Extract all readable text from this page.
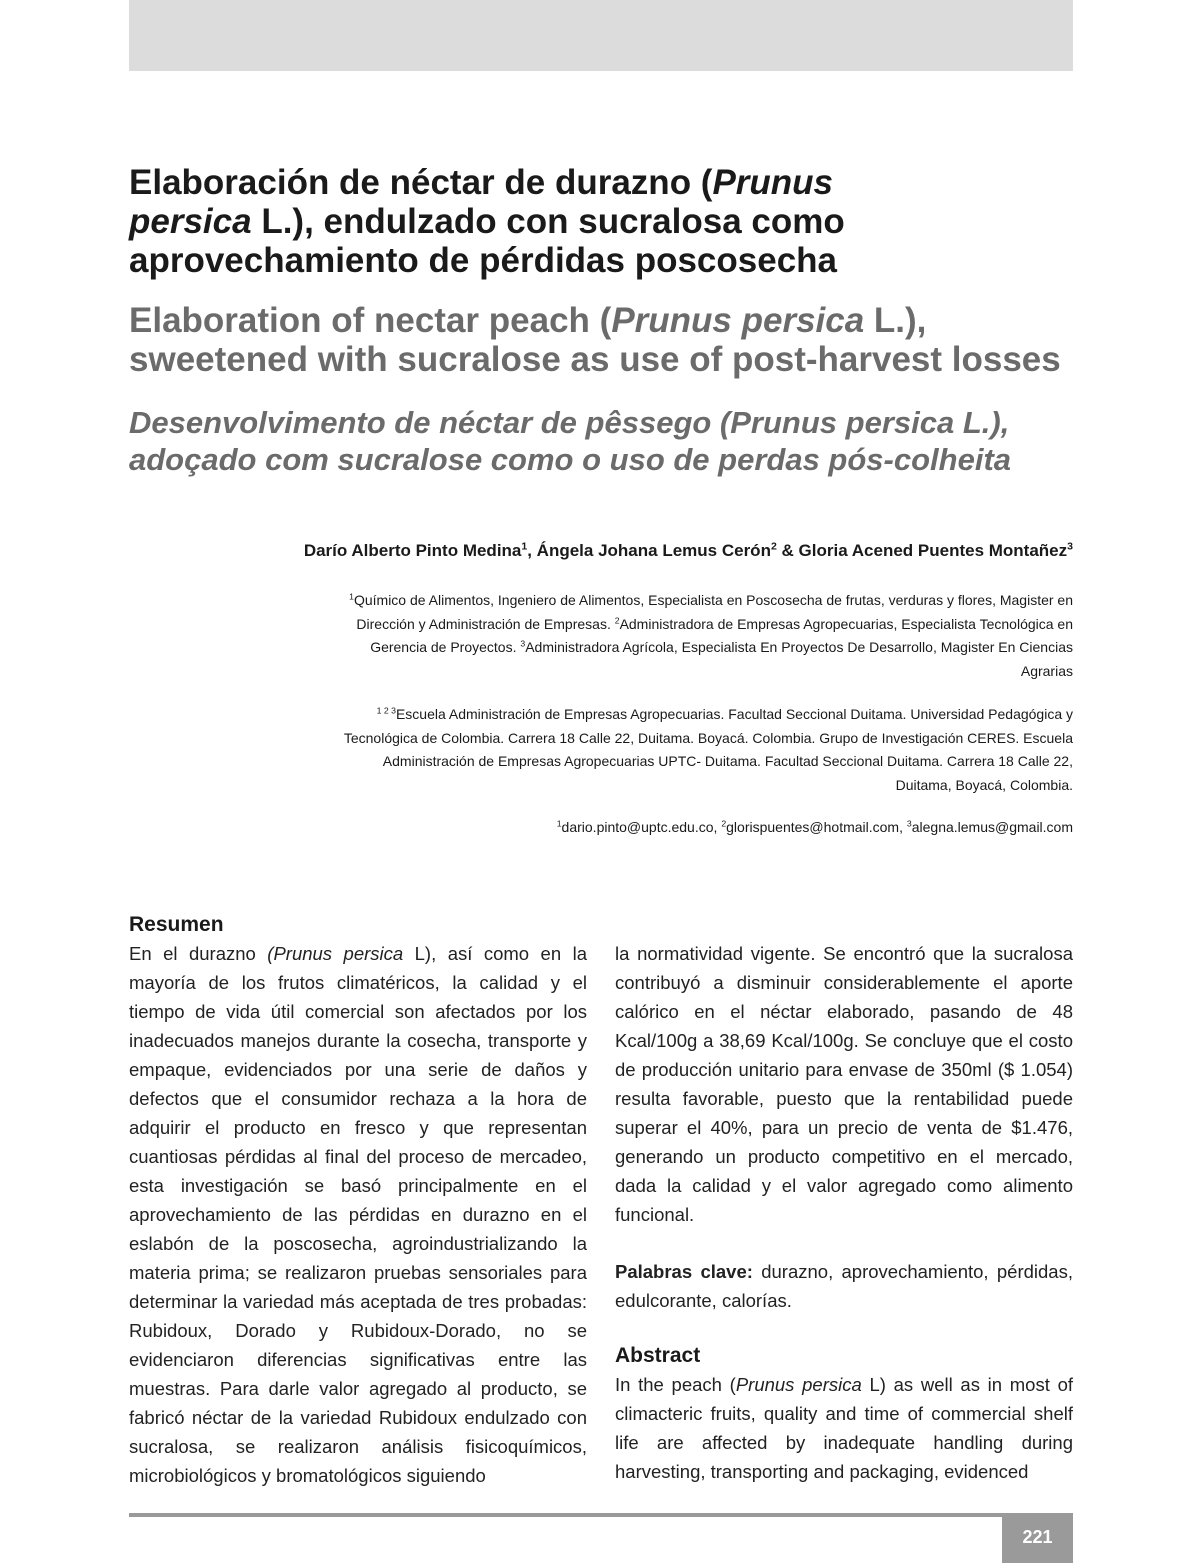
Elaboración de néctar de durazno (Prunus
persica L.), endulzado con sucralosa como aprovechamiento de pérdidas poscosecha
Elaboration of nectar peach (Prunus persica L.), sweetened with sucralose as use of post-harvest losses
Desenvolvimento de néctar de pêssego (Prunus persica L.), adoçado com sucralose como o uso de perdas pós-colheita
Darío Alberto Pinto Medina$^1$, Ángela Johana Lemus Cerón$^2$ & Gloria Acened Puentes Montañez$^3$

$^1$Químico de Alimentos, Ingeniero de Alimentos, Especialista en Poscosecha de frutas, verduras y flores, Magister en Dirección y Administración de Empresas. $^2$Administradora de Empresas Agropecuarias, Especialista Tecnológica en Gerencia de Proyectos. $^3$Administradora Agrícola, Especialista En Proyectos De Desarrollo, Magister En Ciencias Agrarias

$^{1 2 3}$Escuela Administración de Empresas Agropecuarias. Facultad Seccional Duitama. Universidad Pedagógica y Tecnológica de Colombia. Carrera 18 Calle 22, Duitama. Boyacá. Colombia. Grupo de Investigación CERES. Escuela Administración de Empresas Agropecuarias UPTC- Duitama. Facultad Seccional Duitama. Carrera 18 Calle 22, Duitama, Boyacá, Colombia.

$^1$dario.pinto@uptc.edu.co, $^2$glorispuentes@hotmail.com, $^3$alegna.lemus@gmail.com

Resumen

En el durazno (Prunus persica L), así como en la mayoría de los frutos climatéricos, la calidad y el tiempo de vida útil comercial son afectados por los inadecuados manejos durante la cosecha, transporte y empaque, evidenciados por una serie de daños y defectos que el consumidor rechaza a la hora de adquirir el producto en fresco y que representan cuantiosas pérdidas al final del proceso de mercadeo, esta investigación se basó principalmente en el aprovechamiento de las pérdidas en durazno en el eslabón de la poscosecha, agroindustrializando la materia prima; se realizaron pruebas sensoriales para determinar la variedad más aceptada de tres probadas: Rubidoux, Dorado y Rubidoux-Dorado, no se evidenciaron diferencias significativas entre las muestras. Para darle valor agregado al producto, se fabricó néctar de la variedad Rubidoux endulzado con sucralosa, se realizaron análisis fisicoquímicos, microbiológicos y bromatológicos siguiendo

la normatividad vigente. Se encontró que la sucralosa contribuyó a disminuir considerablemente el aporte calórico en el néctar elaborado, pasando de 48 Kcal/100g a 38,69 Kcal/100g. Se concluye que el costo de producción unitario para envase de 350ml ($ 1.054) resulta favorable, puesto que la rentabilidad puede superar el 40%, para un precio de venta de $1.476, generando un producto competitivo en el mercado, dada la calidad y el valor agregado como alimento funcional.

Palabras clave: durazno, aprovechamiento, pérdidas, edulcorante, calorías.

Abstract

In the peach (Prunus persica L) as well as in most of climacteric fruits, quality and time of commercial shelf life are affected by inadequate handling during harvesting, transporting and packaging, evidenced

221
